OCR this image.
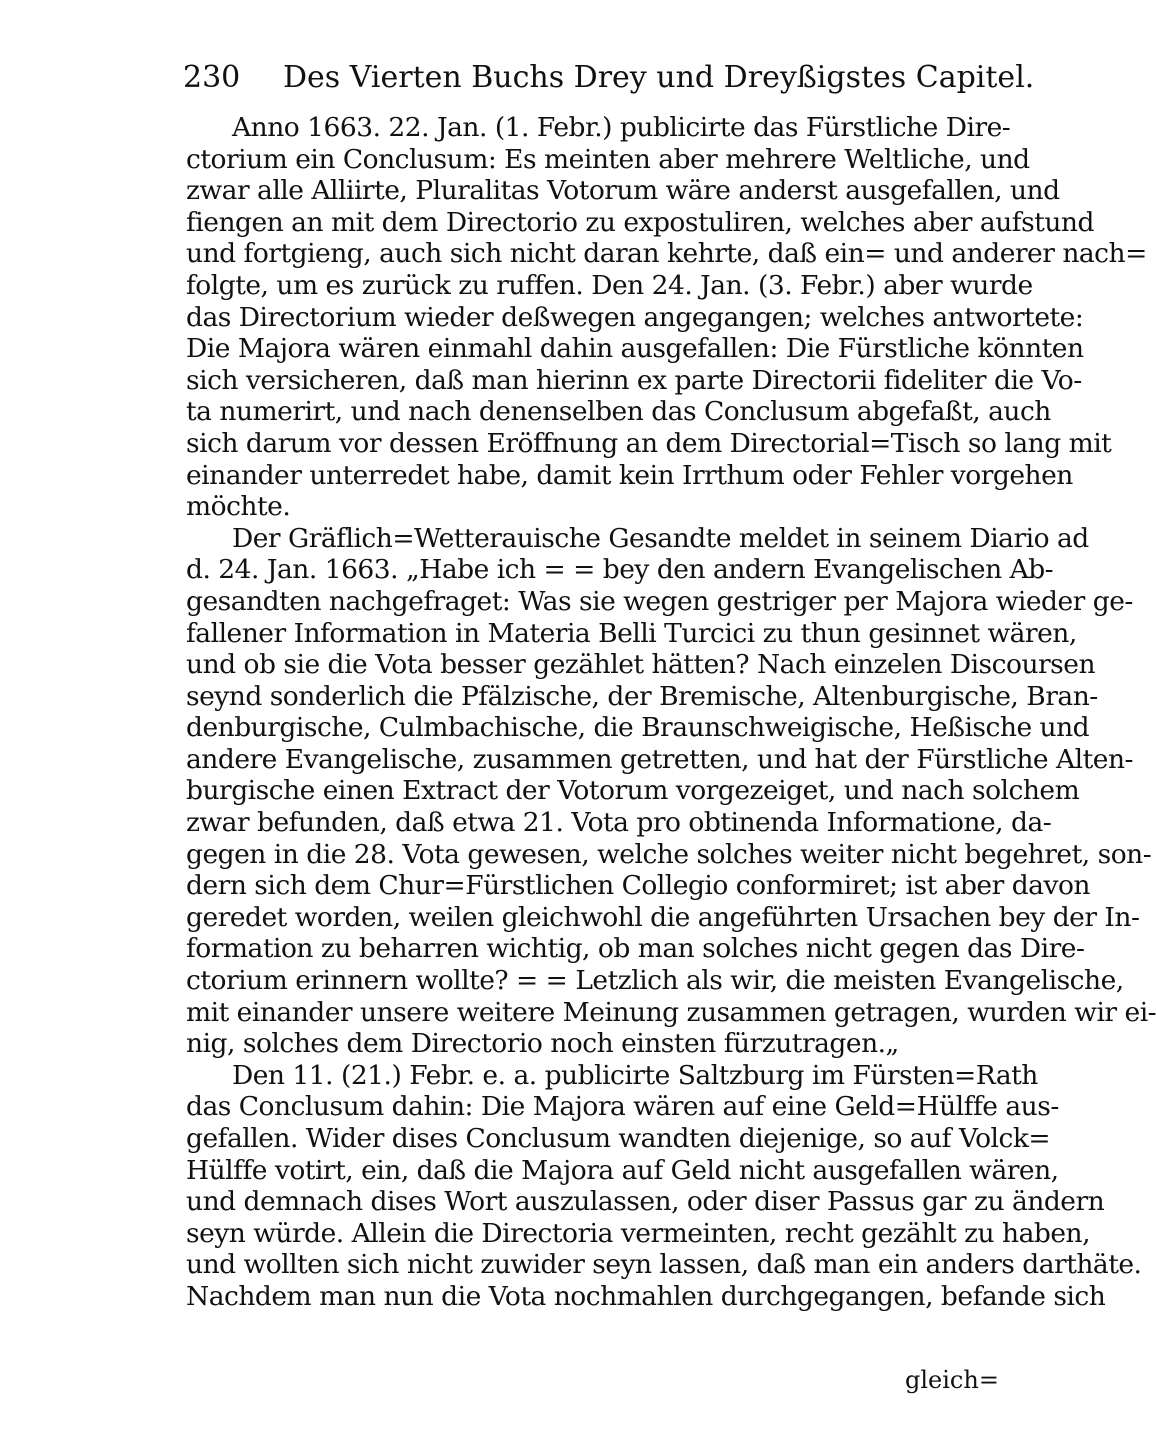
230 Des Vierten Buchs Drey und Dreyßigstes Capitel.
Anno 1663. 22. Jan. (1. Febr.) publicirte das Fürstliche Dire-
ctorium ein Conclusum: Es meinten aber mehrere Weltliche, und
zwar alle Alliirte, Pluralitas Votorum wäre anderst ausgefallen, und
fiengen an mit dem Directorio zu expostuliren, welches aber aufstund
und fortgieng, auch sich nicht daran kehrte, daß ein= und anderer nach=
folgte, um es zurück zu ruffen. Den 24. Jan. (3. Febr.) aber wurde
das Directorium wieder deßwegen angegangen; welches antwortete:
Die Majora wären einmahl dahin ausgefallen: Die Fürstliche könnten
sich versicheren, daß man hierinn ex parte Directorii fideliter die Vo-
ta numerirt, und nach denenselben das Conclusum abgefaßt, auch
sich darum vor dessen Eröffnung an dem Directorial=Tisch so lang mit
einander unterredet habe, damit kein Irrthum oder Fehler vorgehen
möchte.
Der Gräflich=Wetterauische Gesandte meldet in seinem Diario ad
d. 24. Jan. 1663. „Habe ich = = bey den andern Evangelischen Ab-
gesandten nachgefraget: Was sie wegen gestriger per Majora wieder ge-
fallener Information in Materia Belli Turcici zu thun gesinnet wären,
und ob sie die Vota besser gezählet hätten? Nach einzelen Discoursen
seynd sonderlich die Pfälzische, der Bremische, Altenburgische, Bran-
denburgische, Culmbachische, die Braunschweigische, Heßische und
andere Evangelische, zusammen getretten, und hat der Fürstliche Alten-
burgische einen Extract der Votorum vorgezeiget, und nach solchem
zwar befunden, daß etwa 21. Vota pro obtinenda Informatione, da-
gegen in die 28. Vota gewesen, welche solches weiter nicht begehret, son-
dern sich dem Chur=Fürstlichen Collegio conformiret; ist aber davon
geredet worden, weilen gleichwohl die angeführten Ursachen bey der In-
formation zu beharren wichtig, ob man solches nicht gegen das Dire-
ctorium erinnern wollte? = = Letzlich als wir, die meisten Evangelische,
mit einander unsere weitere Meinung zusammen getragen, wurden wir ei-
nig, solches dem Directorio noch einsten fürzutragen.„
Den 11. (21.) Febr. e. a. publicirte Saltzburg im Fürsten=Rath
das Conclusum dahin: Die Majora wären auf eine Geld=Hülffe aus-
gefallen. Wider dises Conclusum wandten diejenige, so auf Volck=
Hülffe votirt, ein, daß die Majora auf Geld nicht ausgefallen wären,
und demnach dises Wort auszulassen, oder diser Passus gar zu ändern
seyn würde. Allein die Directoria vermeinten, recht gezählt zu haben,
und wollten sich nicht zuwider seyn lassen, daß man ein anders darthäte.
Nachdem man nun die Vota nochmahlen durchgegangen, befande sich
gleich=
